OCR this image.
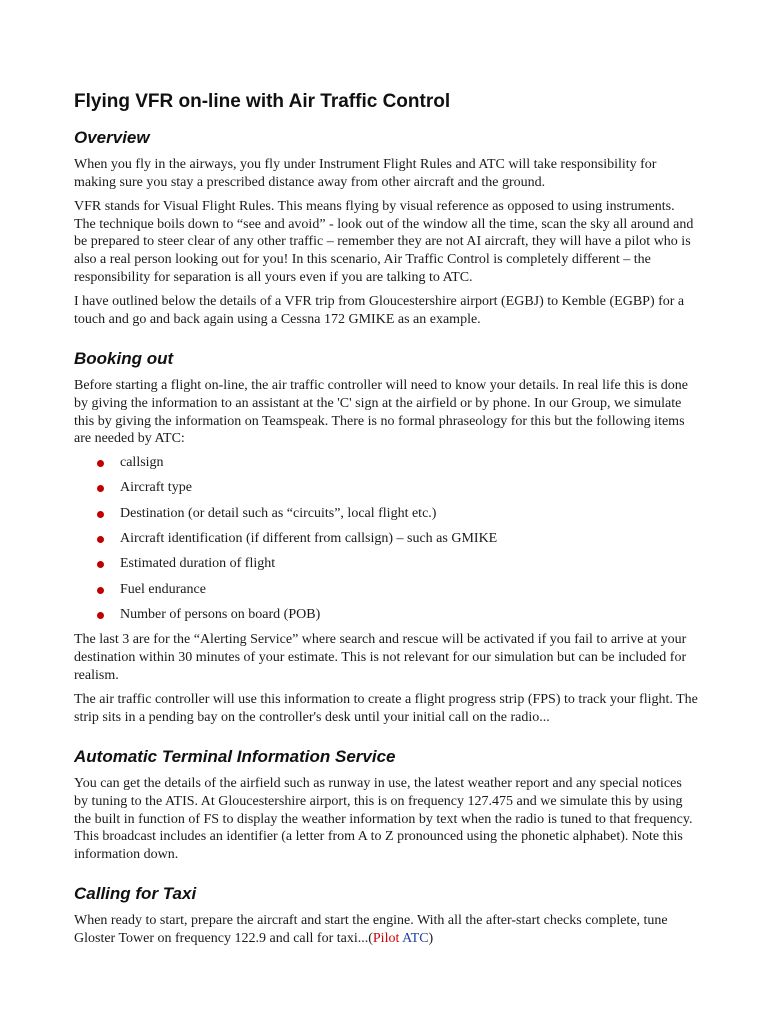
Flying VFR on-line with Air Traffic Control
Overview

When you fly in the airways, you fly under Instrument Flight Rules and ATC will take responsibility for making sure you stay a prescribed distance away from other aircraft and the ground.

VFR stands for Visual Flight Rules. This means flying by visual reference as opposed to using instruments. The technique boils down to “see and avoid” - look out of the window all the time, scan the sky all around and be prepared to steer clear of any other traffic – remember they are not AI aircraft, they will have a pilot who is also a real person looking out for you! In this scenario, Air Traffic Control is completely different – the responsibility for separation is all yours even if you are talking to ATC.

I have outlined below the details of a VFR trip from Gloucestershire airport (EGBJ) to Kemble (EGBP) for a touch and go and back again using a Cessna 172 GMIKE as an example.

Booking out

Before starting a flight on-line, the air traffic controller will need to know your details. In real life this is done by giving the information to an assistant at the 'C' sign at the airfield or by phone. In our Group, we simulate this by giving the information on Teamspeak. There is no formal phraseology for this but the following items are needed by ATC:

callsign
Aircraft type
Destination (or detail such as “circuits”, local flight etc.)
Aircraft identification (if different from callsign) – such as GMIKE
Estimated duration of flight
Fuel endurance
Number of persons on board (POB)

The last 3 are for the “Alerting Service” where search and rescue will be activated if you fail to arrive at your destination within 30 minutes of your estimate. This is not relevant for our simulation but can be included for realism.

The air traffic controller will use this information to create a flight progress strip (FPS) to track your flight. The strip sits in a pending bay on the controller's desk until your initial call on the radio...

Automatic Terminal Information Service

You can get the details of the airfield such as runway in use, the latest weather report and any special notices by tuning to the ATIS. At Gloucestershire airport, this is on frequency 127.475 and we simulate this by using the built in function of FS to display the weather information by text when the radio is tuned to that frequency. This broadcast includes an identifier (a letter from A to Z pronounced using the phonetic alphabet). Note this information down.

Calling for Taxi

When ready to start, prepare the aircraft and start the engine. With all the after-start checks complete, tune Gloster Tower on frequency 122.9 and call for taxi...(Pilot ATC)
